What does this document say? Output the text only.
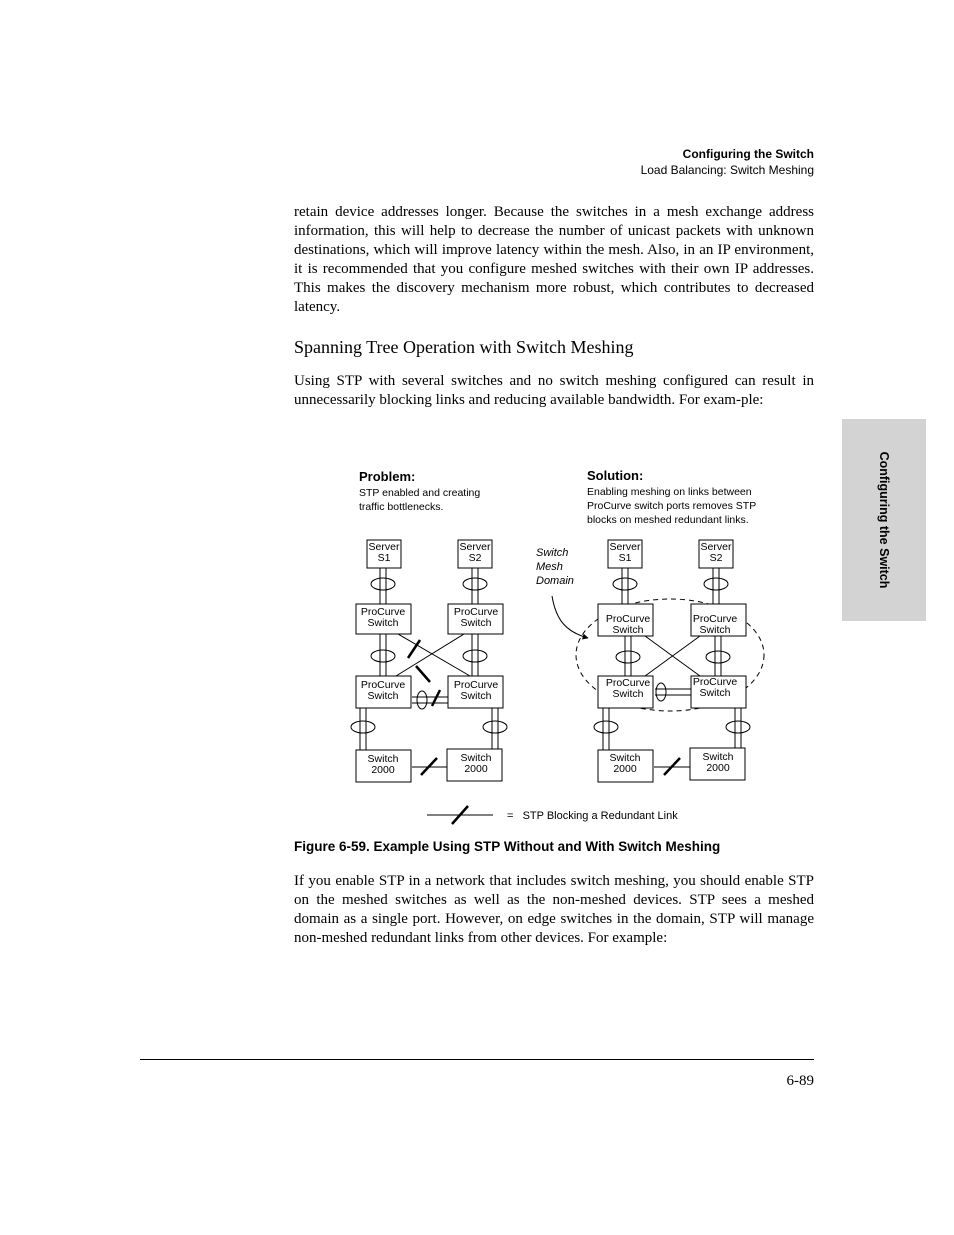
Configuring the Switch
Load Balancing: Switch Meshing

retain device addresses longer. Because the switches in a mesh exchange address information, this will help to decrease the number of unicast packets with unknown destinations, which will improve latency within the mesh. Also, in an IP environment, it is recommended that you configure meshed switches with their own IP addresses. This makes the discovery mechanism more robust, which contributes to decreased latency.

Spanning Tree Operation with Switch Meshing

Using STP with several switches and no switch meshing configured can result in unnecessarily blocking links and reducing available bandwidth. For exam-ple:

Problem:
STP enabled and creating
traffic bottlenecks.
Solution:
Enabling meshing on links between
ProCurve switch ports removes STP
blocks on meshed redundant links.
Server
S1
Server
S2
ProCurve
Switch
ProCurve
Switch
ProCurve
Switch
ProCurve
Switch
Switch
2000
Switch
2000
Server
S1
Server
S2
ProCurve
Switch
ProCurve
Switch
ProCurve
Switch
ProCurve
Switch
Switch
2000
Switch
2000
Switch
Mesh
Domain
=   STP Blocking a Redundant Link
Figure 6-59. Example Using STP Without and With Switch Meshing

If you enable STP in a network that includes switch meshing, you should enable STP on the meshed switches as well as the non-meshed devices. STP sees a meshed domain as a single port. However, on edge switches in the domain, STP will manage non-meshed redundant links from other devices. For example:

Configuring the Switch
6-89
